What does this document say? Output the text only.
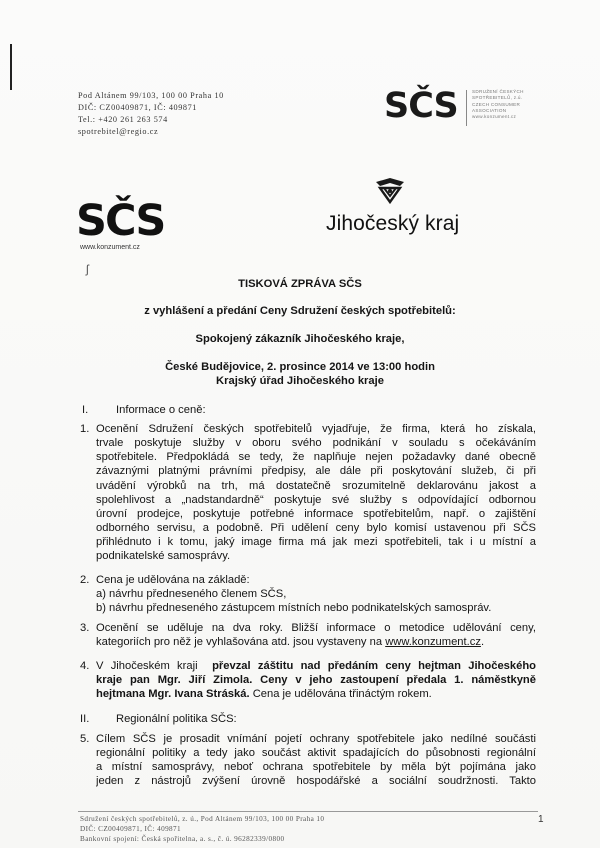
Pod Altánem 99/103, 100 00 Praha 10
DIČ: CZ00409871, IČ: 409871
Tel.: +420 261 263 574
spotrebitel@regio.cz
SČS	SDRUŽENÍ ČESKÝCH
SPOTŘEBITELŮ, z.ú.
CZECH CONSUMER
ASSOCIATION
www.konzument.cz
SČS
www.konzument.cz
ʃ
Jihočeský kraj
TISKOVÁ ZPRÁVA SČS
z vyhlášení a předání Ceny Sdružení českých spotřebitelů:
Spokojený zákazník Jihočeského kraje,
České Budějovice, 2. prosince 2014 ve 13:00 hodin
Krajský úřad Jihočeského kraje
I. Informace o ceně:
1. Ocenění Sdružení českých spotřebitelů vyjadřuje, že firma, která ho získala,

trvale poskytuje služby v oboru svého podnikání v souladu s očekáváním

spotřebitele. Předpokládá se tedy, že naplňuje nejen požadavky dané obecně

závaznými platnými právními předpisy, ale dále při poskytování služeb, či při

uvádění výrobků na trh, má dostatečně srozumitelně deklarovánu jakost a

spolehlivost a „nadstandardně“ poskytuje své služby s odpovídající odbornou

úrovní prodejce, poskytuje potřebné informace spotřebitelům, např. o zajištění

odborného servisu, a podobně. Při udělení ceny bylo komisí ustavenou při SČS

přihlédnuto i k tomu, jaký image firma má jak mezi spotřebiteli, tak i u místní a

podnikatelské samosprávy.

2. Cena je udělována na základě:

a) návrhu předneseného členem SČS,

b) návrhu předneseného zástupcem místních nebo podnikatelských samospráv.

3. Ocenění se uděluje na dva roky. Bližší informace o metodice udělování ceny,

kategoriích pro něž je vyhlašována atd. jsou vystaveny na www.konzument.cz.

4. V Jihočeském kraji převzal záštitu nad předáním ceny hejtman Jihočeského

kraje pan Mgr. Jiří Zimola. Ceny v jeho zastoupení předala 1. náměstkyně

hejtmana Mgr. Ivana Stráská. Cena je udělována třináctým rokem.

II. Regionální politika SČS:
5. Cílem SČS je prosadit vnímání pojetí ochrany spotřebitele jako nedílné součásti

regionální politiky a tedy jako součást aktivit spadajících do působnosti regionální

a místní samosprávy, neboť ochrana spotřebitele by měla být pojímána jako

jeden z nástrojů zvýšení úrovně hospodářské a sociální soudržnosti. Takto

Sdružení českých spotřebitelů, z. ú., Pod Altánem 99/103, 100 00 Praha 10
DIČ: CZ00409871, IČ: 409871
Bankovní spojení: Česká spořitelna, a. s., č. ú. 96282339/0800
1
